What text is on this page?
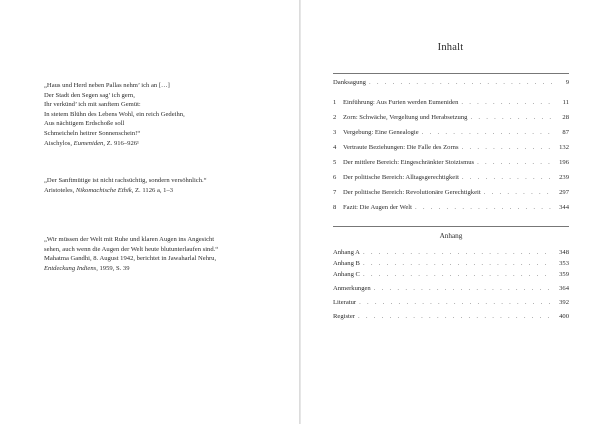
„Haus und Herd neben Pallas nehm’ ich an […]
Der Stadt den Segen sag’ ich gern,
Ihr verkünd’ ich mit sanftem Gemüt:
In stetem Blühn des Lebens Wohl, ein reich Gedeihn,
Aus nächtigem Erdschoße soll
Schmeicheln heitrer Sonnenschein!“
Aischylos, Eumeniden, Z. 916–926¹
„Der Sanftmütige ist nicht rachsüchtig, sondern versöhnlich.“
Aristoteles, Nikomachische Ethik, Z. 1126 a, 1–3
„Wir müssen der Welt mit Ruhe und klaren Augen ins Angesicht
sehen, auch wenn die Augen der Welt heute blutunterlaufen sind.“
Mahatma Gandhi, 8. August 1942, berichtet in Jawaharlal Nehru,
Entdeckung Indiens, 1959, S. 39
Inhalt
Danksagung . . .	9
1	Einführung: Aus Furien werden Eumeniden . . .	11
2	Zorn: Schwäche, Vergeltung und Herabsetzung . . .	28
3	Vergebung: Eine Genealogie . . .	87
4	Vertraute Beziehungen: Die Falle des Zorns . . .	132
5	Der mittlere Bereich: Eingeschränkter Stoizismus . . .	196
6	Der politische Bereich: Alltagsgerechtigkeit . . .	239
7	Der politische Bereich: Revolutionäre Gerechtigkeit . . .	297
8	Fazit: Die Augen der Welt . . .	344
Anhang
Anhang A . . .	348
Anhang B . . .	353
Anhang C . . .	359
Anmerkungen . . .	364
Literatur . . .	392
Register . . .	400
